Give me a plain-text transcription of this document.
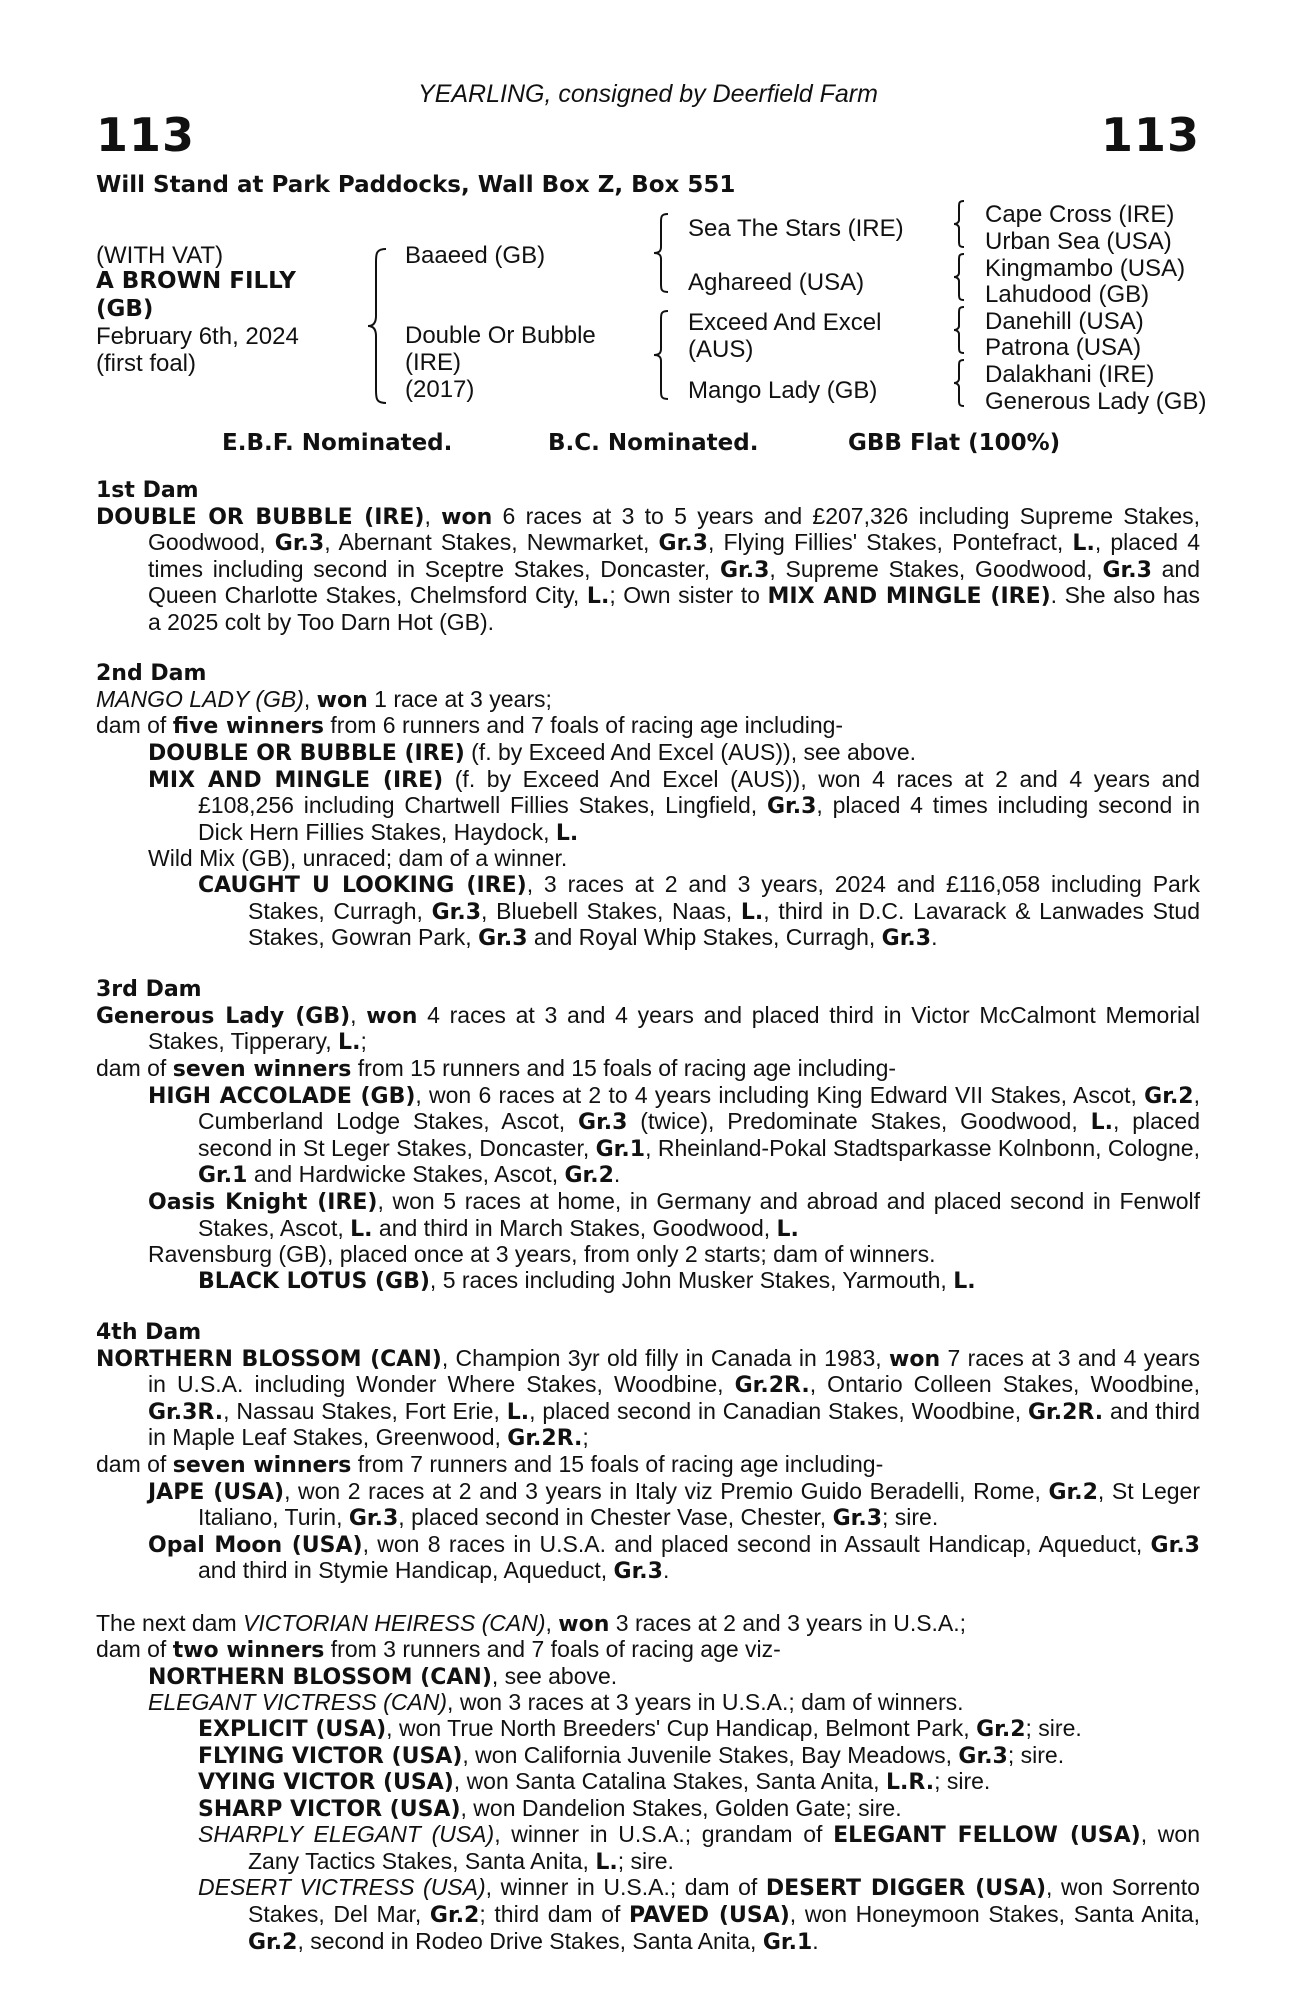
YEARLING, consigned by Deerfield Farm
113	113
Will Stand at Park Paddocks, Wall Box Z, Box 551
(WITH VAT)
A BROWN FILLY
(GB)
February 6th, 2024
(first foal)
Baaeed (GB)
Double Or Bubble
(IRE)
(2017)
Sea The Stars (IRE)
Aghareed (USA)
Exceed And Excel
(AUS)
Mango Lady (GB)
Cape Cross (IRE)
Urban Sea (USA)
Kingmambo (USA)
Lahudood (GB)
Danehill (USA)
Patrona (USA)
Dalakhani (IRE)
Generous Lady (GB)
E.B.F. Nominated.	B.C. Nominated.	GBB Flat (100%)
1st Dam
DOUBLE OR BUBBLE (IRE), won 6 races at 3 to 5 years and £207,326 including Supreme Stakes, Goodwood, Gr.3, Abernant Stakes, Newmarket, Gr.3, Flying Fillies' Stakes, Pontefract, L., placed 4 times including second in Sceptre Stakes, Doncaster, Gr.3, Supreme Stakes, Goodwood, Gr.3 and Queen Charlotte Stakes, Chelmsford City, L.; Own sister to MIX AND MINGLE (IRE). She also has a 2025 colt by Too Darn Hot (GB).
2nd Dam
MANGO LADY (GB), won 1 race at 3 years;
dam of five winners from 6 runners and 7 foals of racing age including-
DOUBLE OR BUBBLE (IRE) (f. by Exceed And Excel (AUS)), see above.
MIX AND MINGLE (IRE) (f. by Exceed And Excel (AUS)), won 4 races at 2 and 4 years and £108,256 including Chartwell Fillies Stakes, Lingfield, Gr.3, placed 4 times including second in Dick Hern Fillies Stakes, Haydock, L.
Wild Mix (GB), unraced; dam of a winner.
CAUGHT U LOOKING (IRE), 3 races at 2 and 3 years, 2024 and £116,058 including Park Stakes, Curragh, Gr.3, Bluebell Stakes, Naas, L., third in D.C. Lavarack & Lanwades Stud Stakes, Gowran Park, Gr.3 and Royal Whip Stakes, Curragh, Gr.3.
3rd Dam
Generous Lady (GB), won 4 races at 3 and 4 years and placed third in Victor McCalmont Memorial Stakes, Tipperary, L.;
dam of seven winners from 15 runners and 15 foals of racing age including-
HIGH ACCOLADE (GB), won 6 races at 2 to 4 years including King Edward VII Stakes, Ascot, Gr.2, Cumberland Lodge Stakes, Ascot, Gr.3 (twice), Predominate Stakes, Goodwood, L., placed second in St Leger Stakes, Doncaster, Gr.1, Rheinland-Pokal Stadtsparkasse Kolnbonn, Cologne, Gr.1 and Hardwicke Stakes, Ascot, Gr.2.
Oasis Knight (IRE), won 5 races at home, in Germany and abroad and placed second in Fenwolf Stakes, Ascot, L. and third in March Stakes, Goodwood, L.
Ravensburg (GB), placed once at 3 years, from only 2 starts; dam of winners.
BLACK LOTUS (GB), 5 races including John Musker Stakes, Yarmouth, L.
4th Dam
NORTHERN BLOSSOM (CAN), Champion 3yr old filly in Canada in 1983, won 7 races at 3 and 4 years in U.S.A. including Wonder Where Stakes, Woodbine, Gr.2R., Ontario Colleen Stakes, Woodbine, Gr.3R., Nassau Stakes, Fort Erie, L., placed second in Canadian Stakes, Woodbine, Gr.2R. and third in Maple Leaf Stakes, Greenwood, Gr.2R.;
dam of seven winners from 7 runners and 15 foals of racing age including-
JAPE (USA), won 2 races at 2 and 3 years in Italy viz Premio Guido Beradelli, Rome, Gr.2, St Leger Italiano, Turin, Gr.3, placed second in Chester Vase, Chester, Gr.3; sire.
Opal Moon (USA), won 8 races in U.S.A. and placed second in Assault Handicap, Aqueduct, Gr.3 and third in Stymie Handicap, Aqueduct, Gr.3.
The next dam VICTORIAN HEIRESS (CAN), won 3 races at 2 and 3 years in U.S.A.;
dam of two winners from 3 runners and 7 foals of racing age viz-
NORTHERN BLOSSOM (CAN), see above.
ELEGANT VICTRESS (CAN), won 3 races at 3 years in U.S.A.; dam of winners.
EXPLICIT (USA), won True North Breeders' Cup Handicap, Belmont Park, Gr.2; sire.
FLYING VICTOR (USA), won California Juvenile Stakes, Bay Meadows, Gr.3; sire.
VYING VICTOR (USA), won Santa Catalina Stakes, Santa Anita, L.R.; sire.
SHARP VICTOR (USA), won Dandelion Stakes, Golden Gate; sire.
SHARPLY ELEGANT (USA), winner in U.S.A.; grandam of ELEGANT FELLOW (USA), won Zany Tactics Stakes, Santa Anita, L.; sire.
DESERT VICTRESS (USA), winner in U.S.A.; dam of DESERT DIGGER (USA), won Sorrento Stakes, Del Mar, Gr.2; third dam of PAVED (USA), won Honeymoon Stakes, Santa Anita, Gr.2, second in Rodeo Drive Stakes, Santa Anita, Gr.1.
